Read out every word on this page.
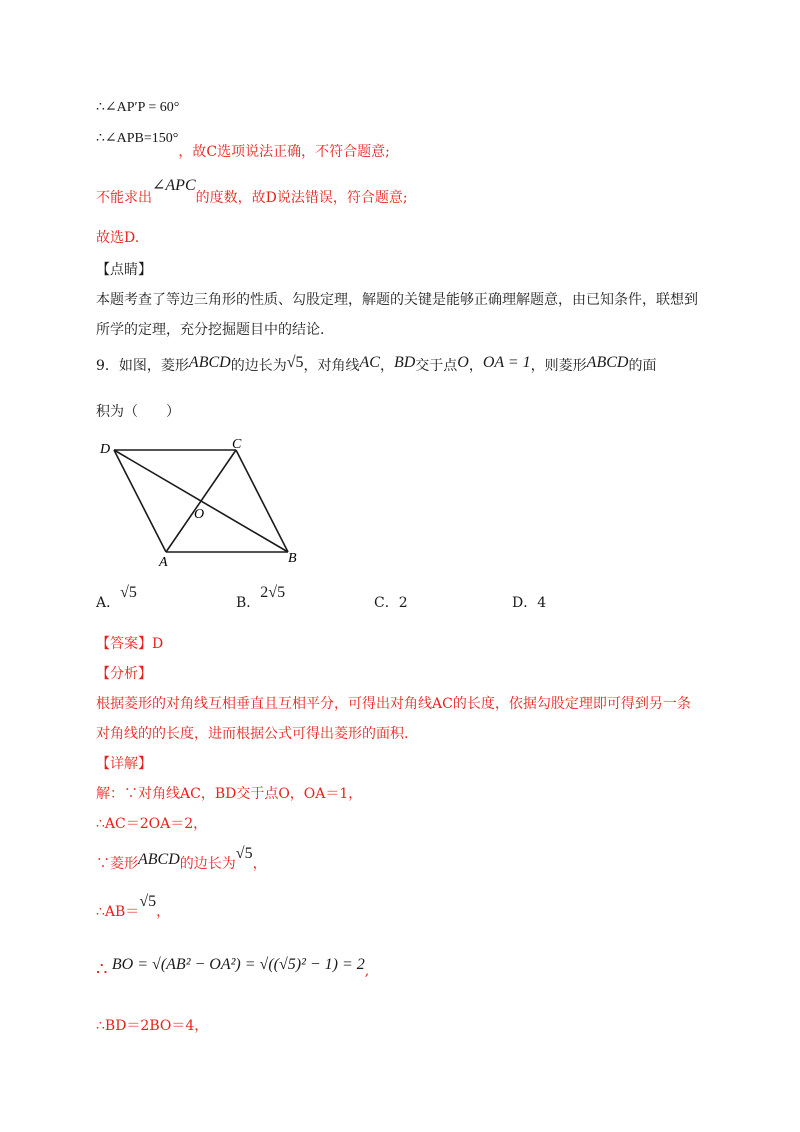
∴∠AP′P = 60°
∴∠APB=150°，故C选项说法正确，不符合题意;
不能求出∠APC的度数，故D说法错误，符合题意;
故选D.
【点睛】
本题考查了等边三角形的性质、勾股定理，解题的关键是能够正确理解题意，由已知条件，联想到
所学的定理，充分挖掘题目中的结论.
9．如图，菱形ABCD的边长为√5，对角线AC，BD交于点O，OA = 1，则菱形ABCD的面
积为（　　）
D	C
O
A	B
A．√5
B．2√5
C．2	D．4
【答案】D
【分析】
根据菱形的对角线互相垂直且互相平分，可得出对角线AC的长度，依据勾股定理即可得到另一条
对角线的的长度，进而根据公式可得出菱形的面积.
【详解】
解：∵对角线AC，BD交于点O，OA＝1，
∴AC＝2OA＝2，
∵菱形ABCD的边长为√5，
∴AB＝√5，
∴ BO = √(AB² − OA²) = √((√5)² − 1) = 2,
∴BD＝2BO＝4，
